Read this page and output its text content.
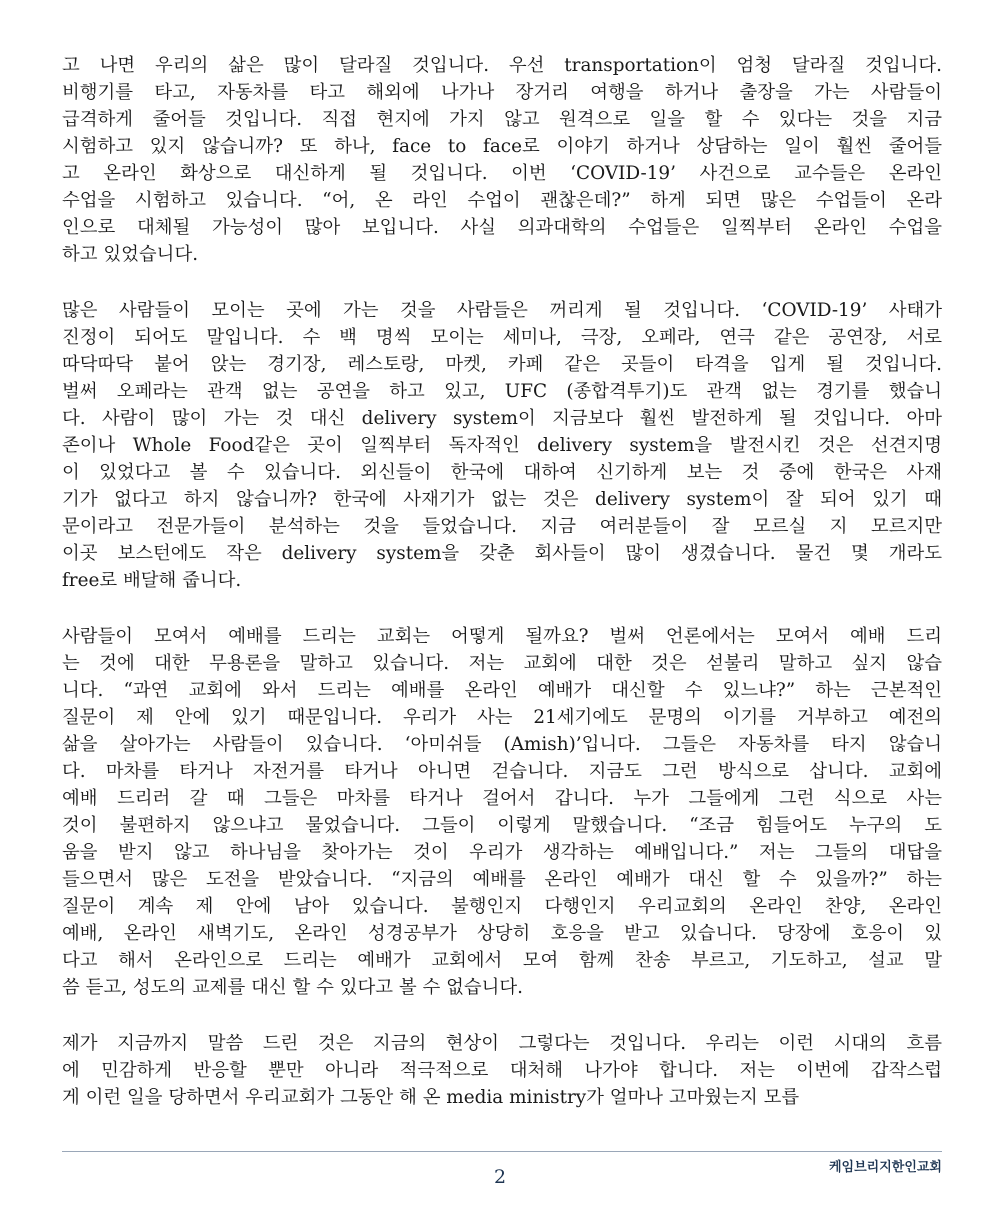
고 나면 우리의 삶은 많이 달라질 것입니다. 우선 transportation이 엄청 달라질 것입니다.
비행기를 타고, 자동차를 타고 해외에 나가나 장거리 여행을 하거나 출장을 가는 사람들이
급격하게 줄어들 것입니다. 직접 현지에 가지 않고 원격으로 일을 할 수 있다는 것을 지금
시험하고 있지 않습니까? 또 하나, face to face로 이야기 하거나 상담하는 일이 훨씬 줄어들
고 온라인 화상으로 대신하게 될 것입니다. 이번 ‘COVID-19’ 사건으로 교수들은 온라인
수업을 시험하고 있습니다. “어, 온 라인 수업이 괜찮은데?” 하게 되면 많은 수업들이 온라
인으로 대체될 가능성이 많아 보입니다. 사실 의과대학의 수업들은 일찍부터 온라인 수업을
하고 있었습니다.
많은 사람들이 모이는 곳에 가는 것을 사람들은 꺼리게 될 것입니다. ‘COVID-19’ 사태가
진정이 되어도 말입니다. 수 백 명씩 모이는 세미나, 극장, 오페라, 연극 같은 공연장, 서로
따닥따닥 붙어 앉는 경기장, 레스토랑, 마켓, 카페 같은 곳들이 타격을 입게 될 것입니다.
벌써 오페라는 관객 없는 공연을 하고 있고, UFC (종합격투기)도 관객 없는 경기를 했습니
다. 사람이 많이 가는 것 대신 delivery system이 지금보다 훨씬 발전하게 될 것입니다. 아마
존이나 Whole Food같은 곳이 일찍부터 독자적인 delivery system을 발전시킨 것은 선견지명
이 있었다고 볼 수 있습니다. 외신들이 한국에 대하여 신기하게 보는 것 중에 한국은 사재
기가 없다고 하지 않습니까? 한국에 사재기가 없는 것은 delivery system이 잘 되어 있기 때
문이라고 전문가들이 분석하는 것을 들었습니다. 지금 여러분들이 잘 모르실 지 모르지만
이곳 보스턴에도 작은 delivery system을 갖춘 회사들이 많이 생겼습니다. 물건 몇 개라도
free로 배달해 줍니다.
사람들이 모여서 예배를 드리는 교회는 어떻게 될까요? 벌써 언론에서는 모여서 예배 드리
는 것에 대한 무용론을 말하고 있습니다. 저는 교회에 대한 것은 섣불리 말하고 싶지 않습
니다. “과연 교회에 와서 드리는 예배를 온라인 예배가 대신할 수 있느냐?” 하는 근본적인
질문이 제 안에 있기 때문입니다. 우리가 사는 21세기에도 문명의 이기를 거부하고 예전의
삶을 살아가는 사람들이 있습니다. ‘아미쉬들 (Amish)’입니다. 그들은 자동차를 타지 않습니
다. 마차를 타거나 자전거를 타거나 아니면 걷습니다. 지금도 그런 방식으로 삽니다. 교회에
예배 드리러 갈 때 그들은 마차를 타거나 걸어서 갑니다. 누가 그들에게 그런 식으로 사는
것이 불편하지 않으냐고 물었습니다. 그들이 이렇게 말했습니다. “조금 힘들어도 누구의 도
움을 받지 않고 하나님을 찾아가는 것이 우리가 생각하는 예배입니다.” 저는 그들의 대답을
들으면서 많은 도전을 받았습니다. “지금의 예배를 온라인 예배가 대신 할 수 있을까?” 하는
질문이 계속 제 안에 남아 있습니다. 불행인지 다행인지 우리교회의 온라인 찬양, 온라인
예배, 온라인 새벽기도, 온라인 성경공부가 상당히 호응을 받고 있습니다. 당장에 호응이 있
다고 해서 온라인으로 드리는 예배가 교회에서 모여 함께 찬송 부르고, 기도하고, 설교 말
씀 듣고, 성도의 교제를 대신 할 수 있다고 볼 수 없습니다.
제가 지금까지 말씀 드린 것은 지금의 현상이 그렇다는 것입니다. 우리는 이런 시대의 흐름
에 민감하게 반응할 뿐만 아니라 적극적으로 대처해 나가야 합니다. 저는 이번에 갑작스럽
게 이런 일을 당하면서 우리교회가 그동안 해 온 media ministry가 얼마나 고마웠는지 모릅
2	케임브리지한인교회
